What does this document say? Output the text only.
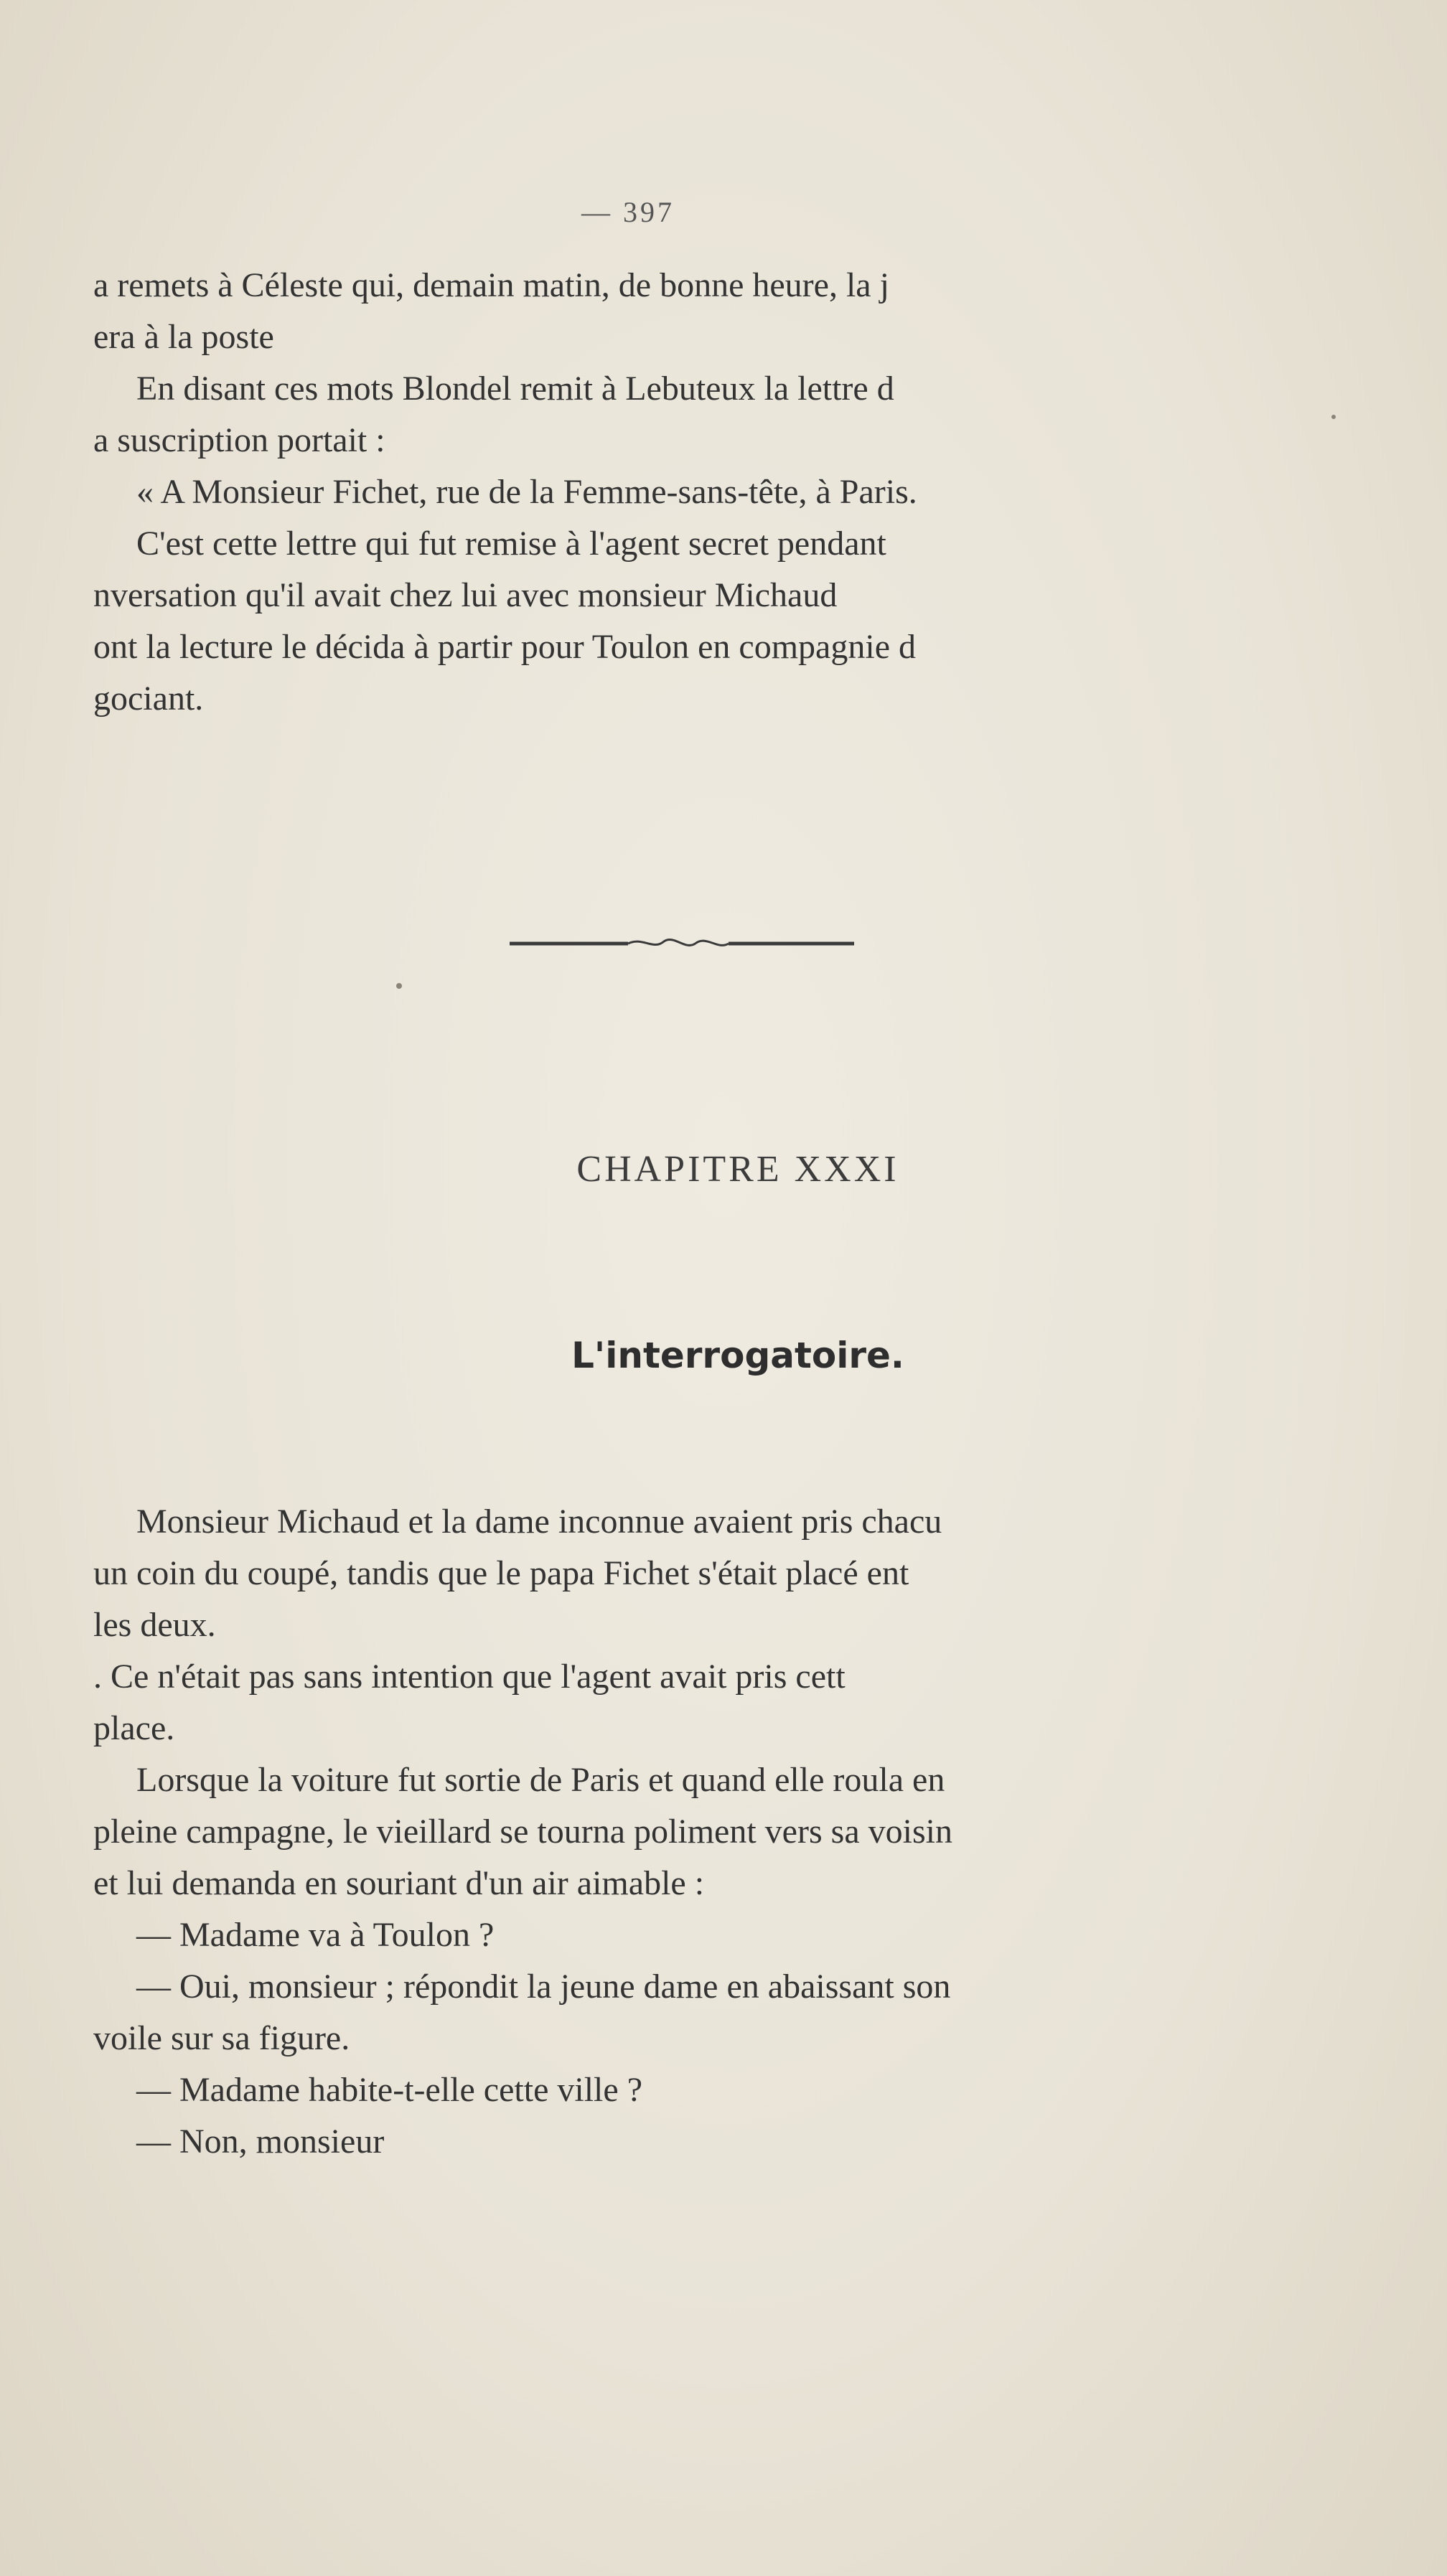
— 397

a remets à Céleste qui, demain matin, de bonne heure, la j

era à la poste

En disant ces mots Blondel remit à Lebuteux la lettre d

a suscription portait :

« A Monsieur Fichet, rue de la Femme-sans-tête, à Paris.

C'est cette lettre qui fut remise à l'agent secret pendant

nversation qu'il avait chez lui avec monsieur Michaud

ont la lecture le décida à partir pour Toulon en compagnie d

gociant.

CHAPITRE XXXI
L'interrogatoire.

Monsieur Michaud et la dame inconnue avaient pris chacu

un coin du coupé, tandis que le papa Fichet s'était placé ent

les deux.

. Ce n'était pas sans intention que l'agent avait pris cett

place.

Lorsque la voiture fut sortie de Paris et quand elle roula en

pleine campagne, le vieillard se tourna poliment vers sa voisin

et lui demanda en souriant d'un air aimable :

— Madame va à Toulon ?

— Oui, monsieur ; répondit la jeune dame en abaissant son

voile sur sa figure.

— Madame habite-t-elle cette ville ?

— Non, monsieur
